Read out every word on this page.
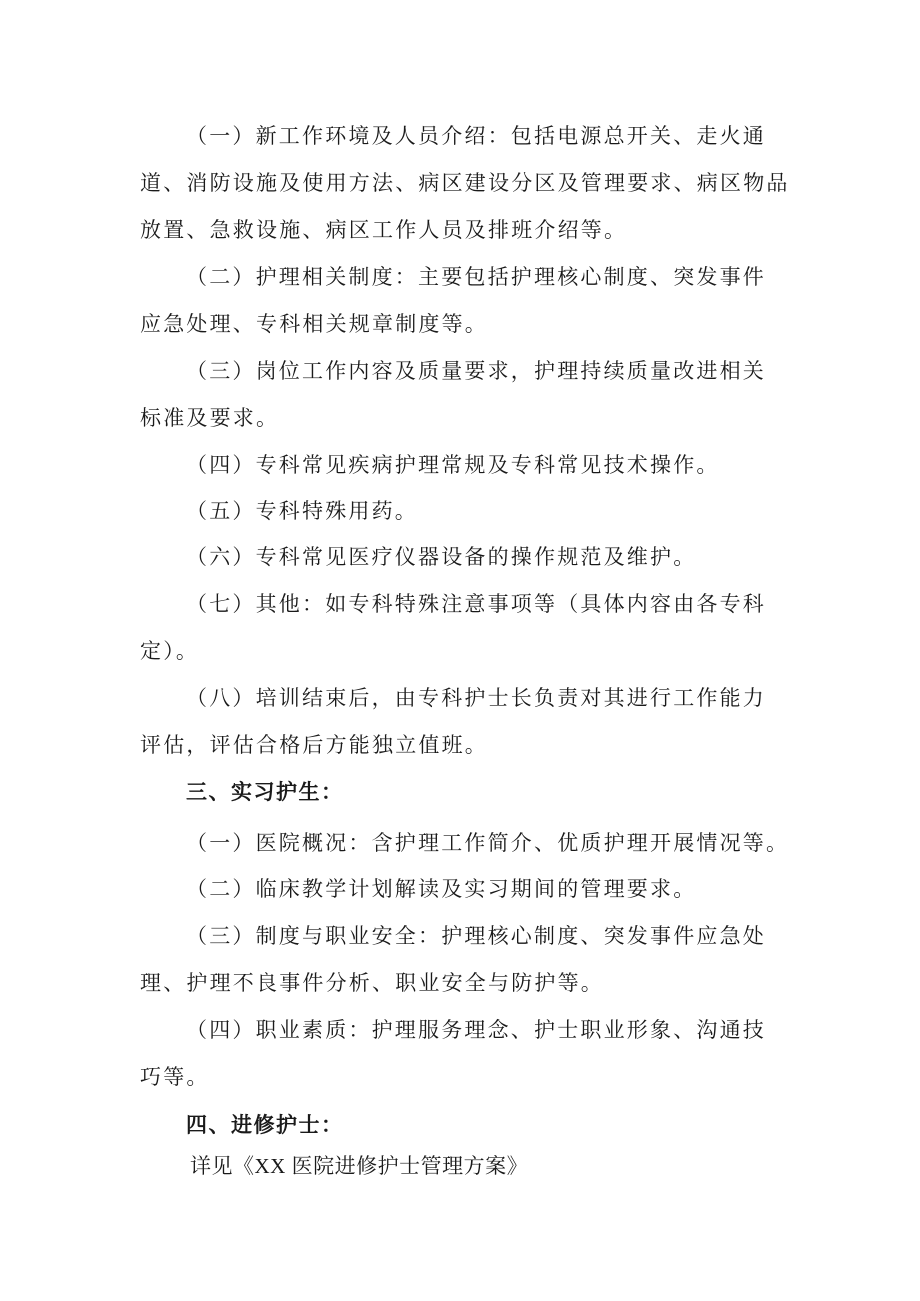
（一）新工作环境及人员介绍：包括电源总开关、走火通
道、消防设施及使用方法、病区建设分区及管理要求、病区物品
放置、急救设施、病区工作人员及排班介绍等。
（二）护理相关制度：主要包括护理核心制度、突发事件
应急处理、专科相关规章制度等。
（三）岗位工作内容及质量要求，护理持续质量改进相关
标准及要求。
（四）专科常见疾病护理常规及专科常见技术操作。
（五）专科特殊用药。
（六）专科常见医疗仪器设备的操作规范及维护。
（七）其他：如专科特殊注意事项等（具体内容由各专科
定）。
（八）培训结束后，由专科护士长负责对其进行工作能力
评估，评估合格后方能独立值班。
三、实习护生：
（一）医院概况：含护理工作简介、优质护理开展情况等。
（二）临床教学计划解读及实习期间的管理要求。
（三）制度与职业安全：护理核心制度、突发事件应急处
理、护理不良事件分析、职业安全与防护等。
（四）职业素质：护理服务理念、护士职业形象、沟通技
巧等。
四、进修护士：
详见《XX 医院进修护士管理方案》
